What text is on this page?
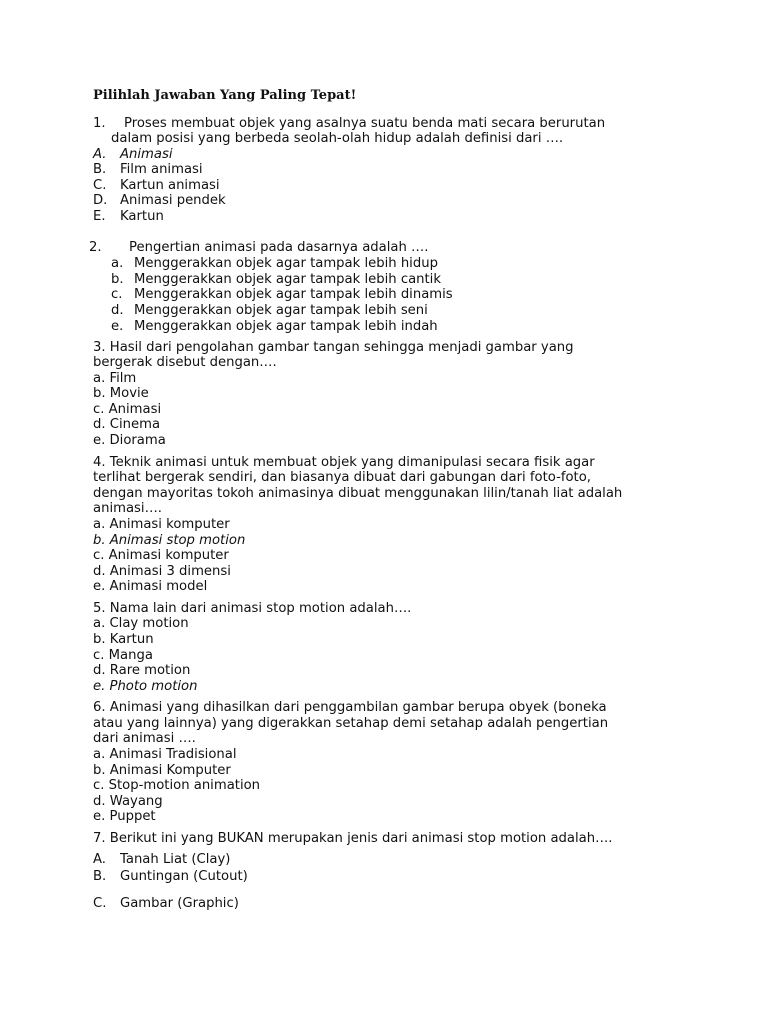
Pilihlah Jawaban Yang Paling Tepat!
1. Proses membuat objek yang asalnya suatu benda mati secara berurutan
dalam posisi yang berbeda seolah-olah hidup adalah definisi dari ….
A. Animasi
B. Film animasi
C. Kartun animasi
D. Animasi pendek
E. Kartun
2. Pengertian animasi pada dasarnya adalah ….
a. Menggerakkan objek agar tampak lebih hidup
b. Menggerakkan objek agar tampak lebih cantik
c. Menggerakkan objek agar tampak lebih dinamis
d. Menggerakkan objek agar tampak lebih seni
e. Menggerakkan objek agar tampak lebih indah
3. Hasil dari pengolahan gambar tangan sehingga menjadi gambar yang
bergerak disebut dengan….
a. Film
b. Movie
c. Animasi
d. Cinema
e. Diorama
4. Teknik animasi untuk membuat objek yang dimanipulasi secara fisik agar
terlihat bergerak sendiri, dan biasanya dibuat dari gabungan dari foto-foto,
dengan mayoritas tokoh animasinya dibuat menggunakan lilin/tanah liat adalah
animasi….
a. Animasi komputer
b. Animasi stop motion
c. Animasi komputer
d. Animasi 3 dimensi
e. Animasi model
5. Nama lain dari animasi stop motion adalah….
a. Clay motion
b. Kartun
c. Manga
d. Rare motion
e. Photo motion
6. Animasi yang dihasilkan dari penggambilan gambar berupa obyek (boneka
atau yang lainnya) yang digerakkan setahap demi setahap adalah pengertian
dari animasi ….
a. Animasi Tradisional
b. Animasi Komputer
c. Stop-motion animation
d. Wayang
e. Puppet
7. Berikut ini yang BUKAN merupakan jenis dari animasi stop motion adalah….
A. Tanah Liat (Clay)
B. Guntingan (Cutout)
C. Gambar (Graphic)
